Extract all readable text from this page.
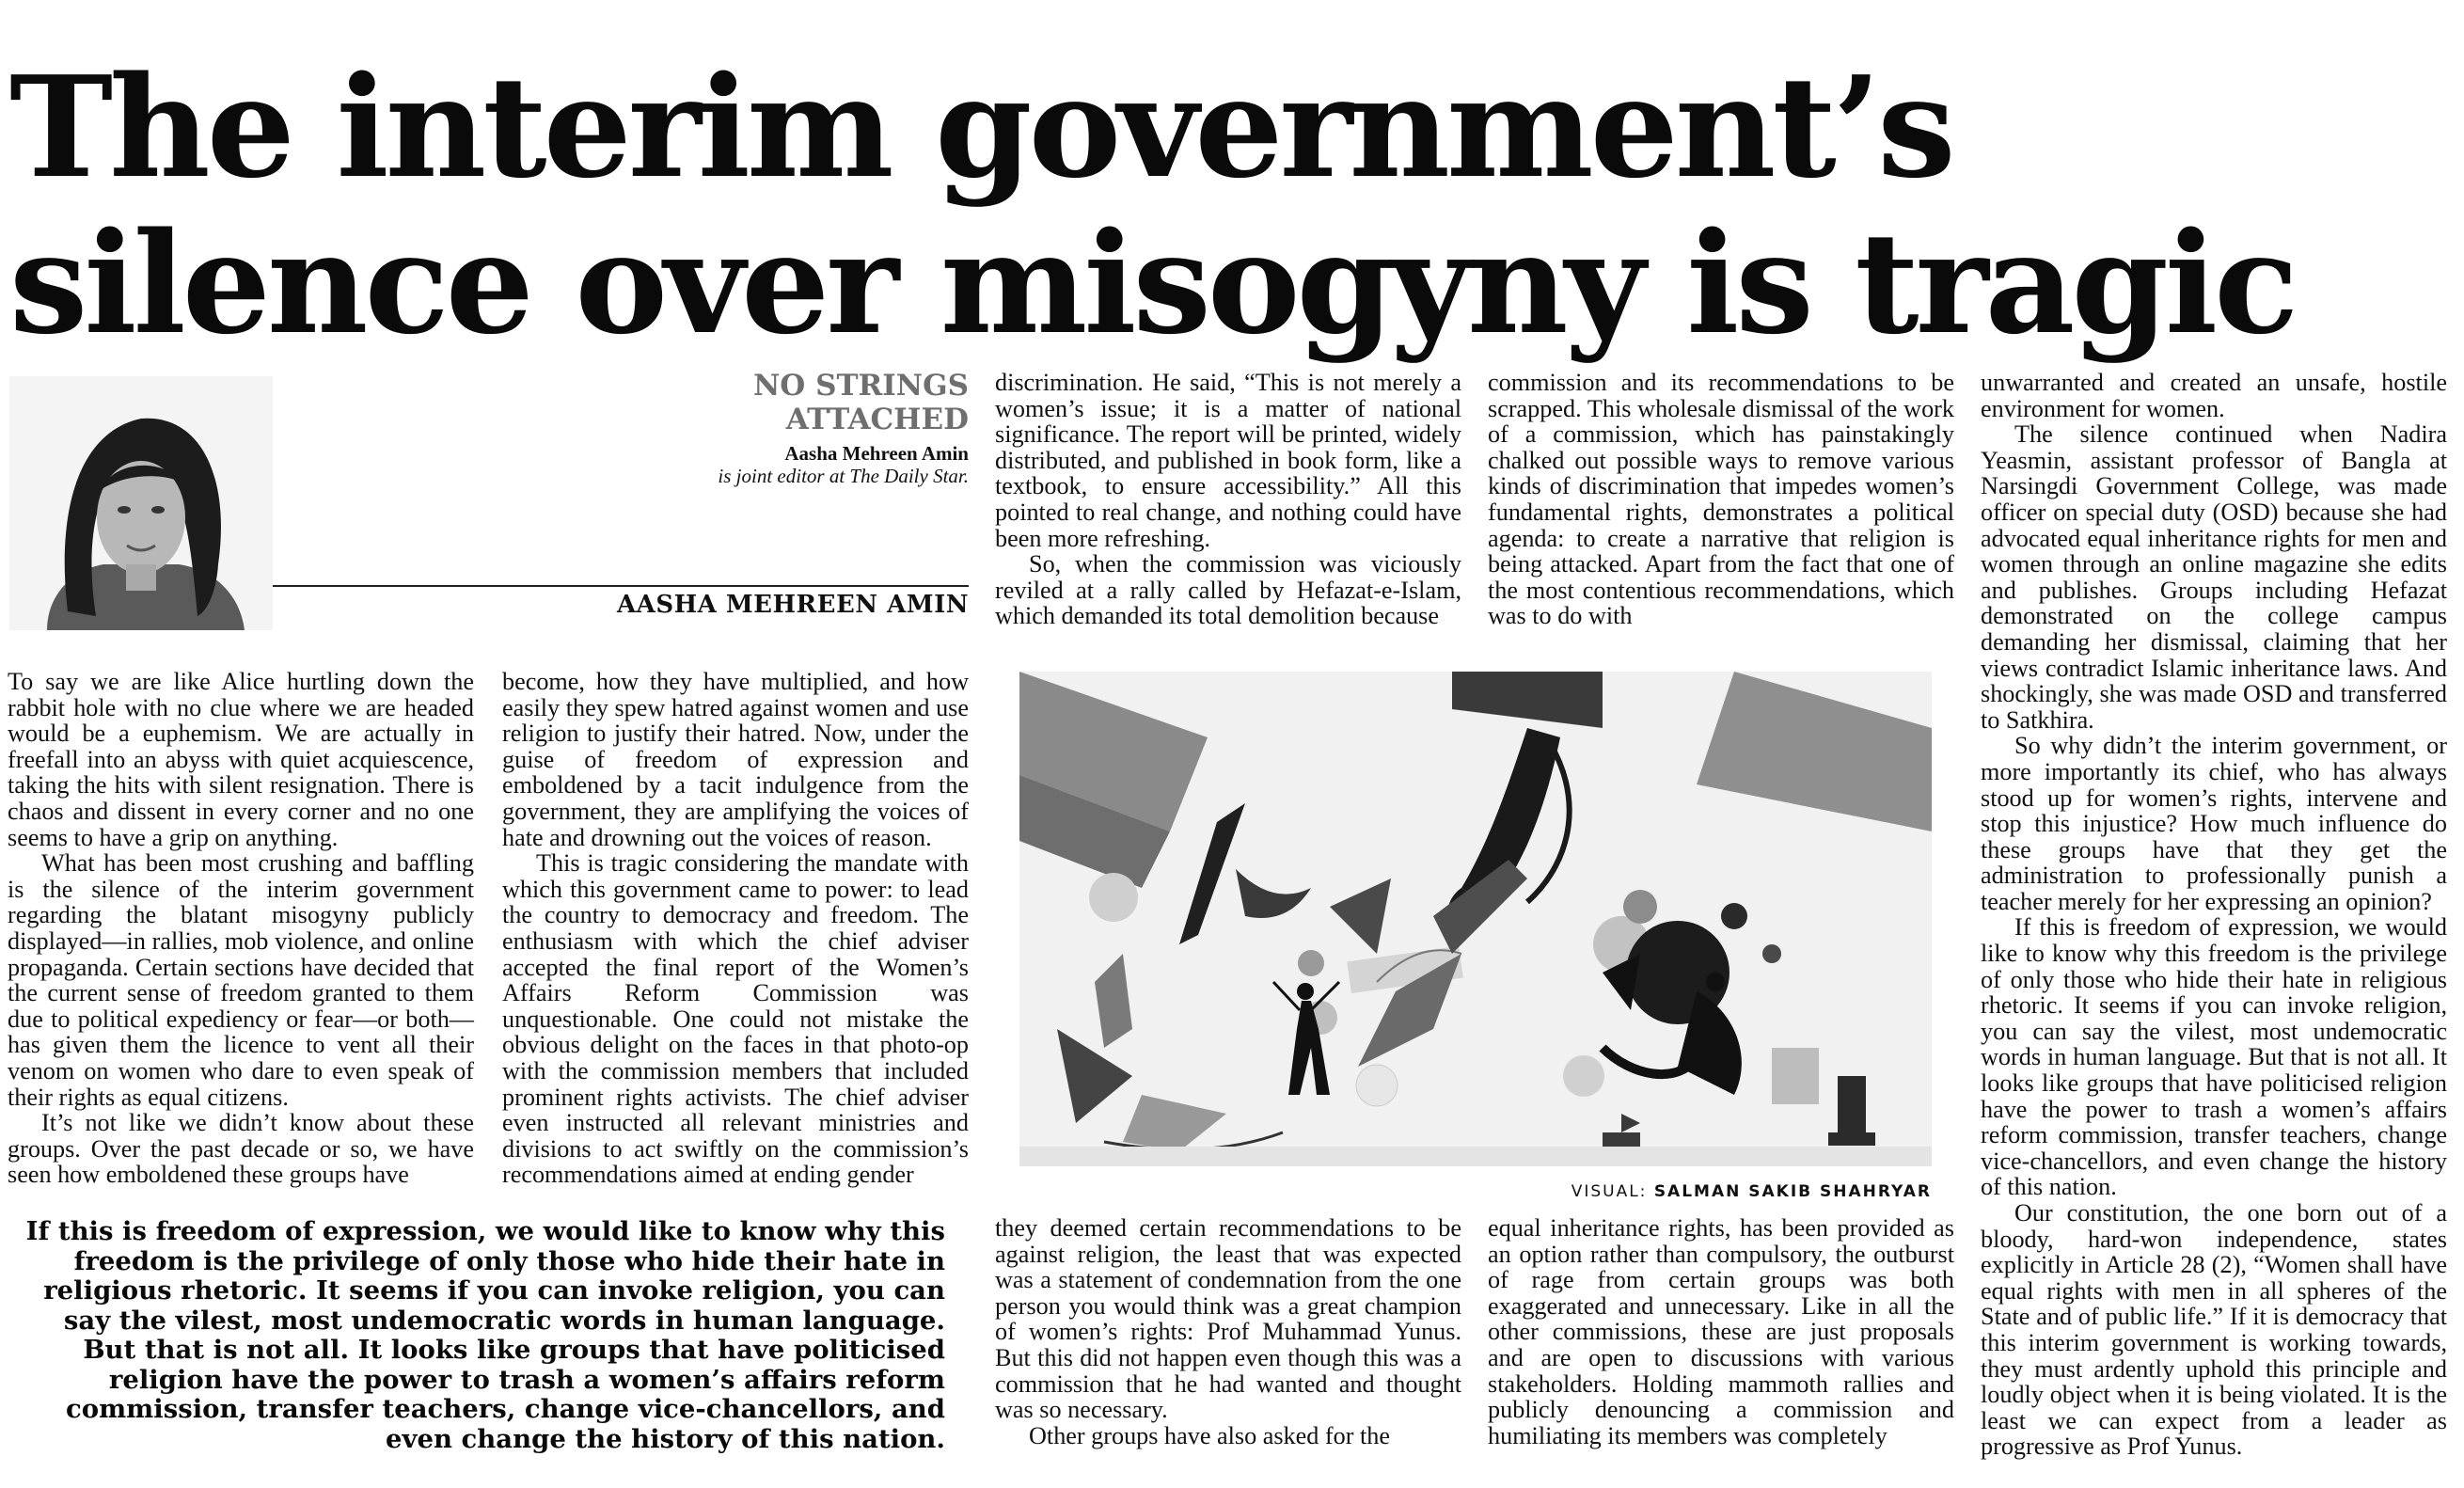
The interim government’s silence over misogyny is tragic
NO STRINGS
ATTACHED
Aasha Mehreen Amin
is joint editor at The Daily Star.
AASHA MEHREEN AMIN

To say we are like Alice hurtling down the rabbit hole with no clue where we are headed would be a euphemism. We are actually in freefall into an abyss with quiet acquiescence, taking the hits with silent resignation. There is chaos and dissent in every corner and no one seems to have a grip on anything.

What has been most crushing and baffling is the silence of the interim government regarding the blatant misogyny publicly displayed—in rallies, mob violence, and online propaganda. Certain sections have decided that the current sense of freedom granted to them due to political expediency or fear—or both—has given them the licence to vent all their venom on women who dare to even speak of their rights as equal citizens.

It’s not like we didn’t know about these groups. Over the past decade or so, we have seen how emboldened these groups have

become, how they have multiplied, and how easily they spew hatred against women and use religion to justify their hatred. Now, under the guise of freedom of expression and emboldened by a tacit indulgence from the government, they are amplifying the voices of hate and drowning out the voices of reason.

This is tragic considering the mandate with which this government came to power: to lead the country to democracy and freedom. The enthusiasm with which the chief adviser accepted the final report of the Women’s Affairs Reform Commission was unquestionable. One could not mistake the obvious delight on the faces in that photo-op with the commission members that included prominent rights activists. The chief adviser even instructed all relevant ministries and divisions to act swiftly on the commission’s recommendations aimed at ending gender

discrimination. He said, “This is not merely a women’s issue; it is a matter of national significance. The report will be printed, widely distributed, and published in book form, like a textbook, to ensure accessibility.” All this pointed to real change, and nothing could have been more refreshing.

So, when the commission was viciously reviled at a rally called by Hefazat-e-Islam, which demanded its total demolition because

commission and its recommendations to be scrapped. This wholesale dismissal of the work of a commission, which has painstakingly chalked out possible ways to remove various kinds of discrimination that impedes women’s fundamental rights, demonstrates a political agenda: to create a narrative that religion is being attacked. Apart from the fact that one of the most contentious recommendations, which was to do with

they deemed certain recommendations to be against religion, the least that was expected was a statement of condemnation from the one person you would think was a great champion of women’s rights: Prof Muhammad Yunus. But this did not happen even though this was a commission that he had wanted and thought was so necessary.

Other groups have also asked for the

equal inheritance rights, has been provided as an option rather than compulsory, the outburst of rage from certain groups was both exaggerated and unnecessary. Like in all the other commissions, these are just proposals and are open to discussions with various stakeholders. Holding mammoth rallies and publicly denouncing a commission and humiliating its members was completely

unwarranted and created an unsafe, hostile environment for women.

The silence continued when Nadira Yeasmin, assistant professor of Bangla at Narsingdi Government College, was made officer on special duty (OSD) because she had advocated equal inheritance rights for men and women through an online magazine she edits and publishes. Groups including Hefazat demonstrated on the college campus demanding her dismissal, claiming that her views contradict Islamic inheritance laws. And shockingly, she was made OSD and transferred to Satkhira.

So why didn’t the interim government, or more importantly its chief, who has always stood up for women’s rights, intervene and stop this injustice? How much influence do these groups have that they get the administration to professionally punish a teacher merely for her expressing an opinion?

If this is freedom of expression, we would like to know why this freedom is the privilege of only those who hide their hate in religious rhetoric. It seems if you can invoke religion, you can say the vilest, most undemocratic words in human language. But that is not all. It looks like groups that have politicised religion have the power to trash a women’s affairs reform commission, transfer teachers, change vice-chancellors, and even change the history of this nation.

Our constitution, the one born out of a bloody, hard-won independence, states explicitly in Article 28 (2), “Women shall have equal rights with men in all spheres of the State and of public life.” If it is democracy that this interim government is working towards, they must ardently uphold this principle and loudly object when it is being violated. It is the least we can expect from a leader as progressive as Prof Yunus.

VISUAL: SALMAN SAKIB SHAHRYAR

If this is freedom of expression, we would like to know why this freedom is the privilege of only those who hide their hate in religious rhetoric. It seems if you can invoke religion, you can say the vilest, most undemocratic words in human language. But that is not all. It looks like groups that have politicised religion have the power to trash a women’s affairs reform commission, transfer teachers, change vice-chancellors, and even change the history of this nation.
